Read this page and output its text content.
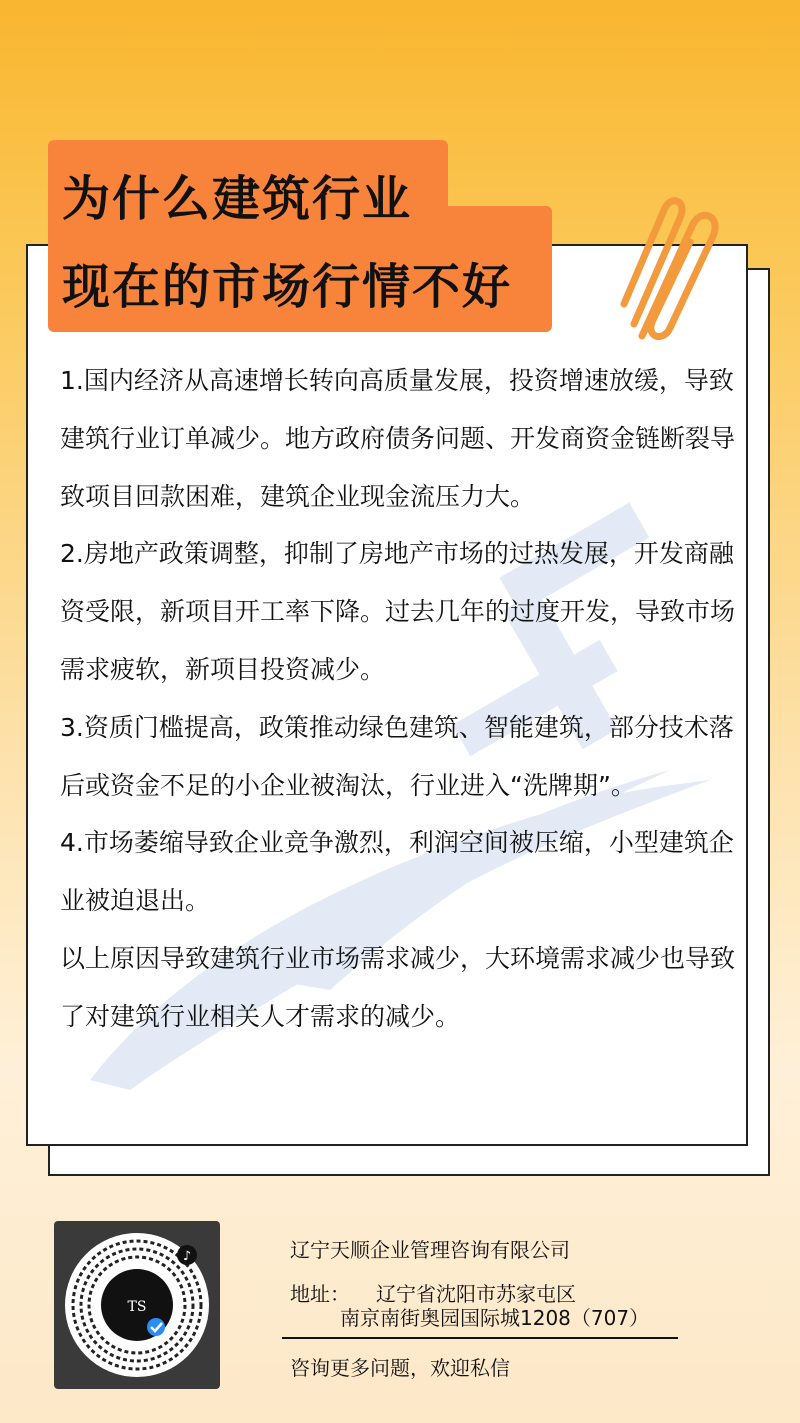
为什么建筑行业
现在的市场行情不好

1.国内经济从高速增长转向高质量发展，投资增速放缓，导致建筑行业订单减少。地方政府债务问题、开发商资金链断裂导致项目回款困难，建筑企业现金流压力大。

2.房地产政策调整，抑制了房地产市场的过热发展，开发商融资受限，新项目开工率下降。过去几年的过度开发，导致市场需求疲软，新项目投资减少。

3.资质门槛提高，政策推动绿色建筑、智能建筑，部分技术落后或资金不足的小企业被淘汰，行业进入“洗牌期”。

4.市场萎缩导致企业竞争激烈，利润空间被压缩，小型建筑企业被迫退出。

以上原因导致建筑行业市场需求减少，大环境需求减少也导致了对建筑行业相关人才需求的减少。

TS
♪	辽宁天顺企业管理咨询有限公司
地址： 辽宁省沈阳市苏家屯区
南京南街奥园国际城1208（707）
咨询更多问题，欢迎私信
